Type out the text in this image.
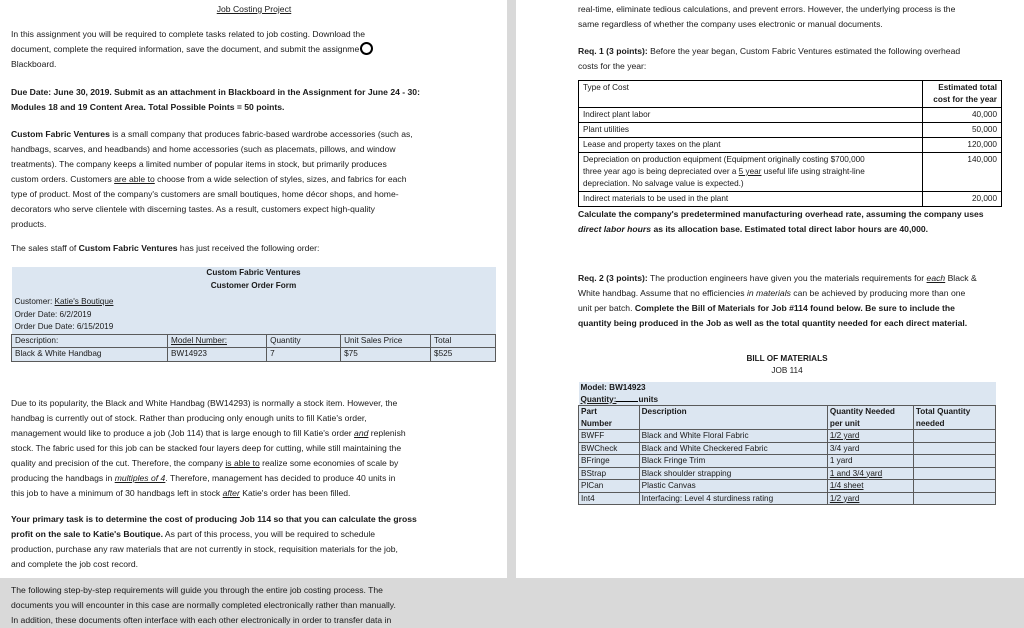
Job Costing Project

In this assignment you will be required to complete tasks related to job costing. Download the

document, complete the required information, save the document, and submit the assignme

Blackboard.

Due Date: June 30, 2019. Submit as an attachment in Blackboard in the Assignment for June 24 - 30:

Modules 18 and 19 Content Area. Total Possible Points = 50 points.

Custom Fabric Ventures is a small company that produces fabric-based wardrobe accessories (such as,

handbags, scarves, and headbands) and home accessories (such as placemats, pillows, and window

treatments). The company keeps a limited number of popular items in stock, but primarily produces

custom orders. Customers are able to choose from a wide selection of styles, sizes, and fabrics for each

type of product. Most of the company's customers are small boutiques, home décor shops, and home-

decorators who serve clientele with discerning tastes. As a result, customers expect high-quality

products.

The sales staff of Custom Fabric Ventures has just received the following order:

Custom Fabric Ventures				
Customer Order Form				

Customer: Katie's Boutique				
Order Date: 6/2/2019				
Order Due Date: 6/15/2019				
Description:	Model Number:	Quantity	Unit Sales Price	Total
Black & White Handbag	BW14923	7	$75	$525

Due to its popularity, the Black and White Handbag (BW14293) is normally a stock item. However, the

handbag is currently out of stock. Rather than producing only enough units to fill Katie's order,

management would like to produce a job (Job 114) that is large enough to fill Katie's order and replenish

stock. The fabric used for this job can be stacked four layers deep for cutting, while still maintaining the

quality and precision of the cut. Therefore, the company is able to realize some economies of scale by

producing the handbags in multiples of 4. Therefore, management has decided to produce 40 units in

this job to have a minimum of 30 handbags left in stock after Katie's order has been filled.

Your primary task is to determine the cost of producing Job 114 so that you can calculate the gross

profit on the sale to Katie's Boutique. As part of this process, you will be required to schedule

production, purchase any raw materials that are not currently in stock, requisition materials for the job,

and complete the job cost record.

The following step-by-step requirements will guide you through the entire job costing process. The

documents you will encounter in this case are normally completed electronically rather than manually.

In addition, these documents often interface with each other electronically in order to transfer data in

real-time, eliminate tedious calculations, and prevent errors. However, the underlying process is the

same regardless of whether the company uses electronic or manual documents.

Req. 1 (3 points): Before the year began, Custom Fabric Ventures estimated the following overhead

costs for the year:

Type of Cost	Estimated total
cost for the year
Indirect plant labor	40,000
Plant utilities	50,000
Lease and property taxes on the plant	120,000
Depreciation on production equipment (Equipment originally costing $700,000
three year ago is being depreciated over a 5 year useful life using straight-line
depreciation. No salvage value is expected.)	140,000
Indirect materials to be used in the plant	20,000

Calculate the company's predetermined manufacturing overhead rate, assuming the company uses

direct labor hours as its allocation base. Estimated total direct labor hours are 40,000.

Req. 2 (3 points): The production engineers have given you the materials requirements for each Black &

White handbag. Assume that no efficiencies in materials can be achieved by producing more than one

unit per batch. Complete the Bill of Materials for Job #114 found below. Be sure to include the

quantity being produced in the Job as well as the total quantity needed for each direct material.

BILL OF MATERIALS			
JOB 114			

Model: BW14923			
Quantity: units			
Part
Number	Description	Quantity Needed
per unit	Total Quantity
needed
BWFF	Black and White Floral Fabric	1/2 yard	
BWCheck	Black and White Checkered Fabric	3/4 yard	
BFringe	Black Fringe Trim	1 yard	
BStrap	Black shoulder strapping	1 and 3/4 yard	
PlCan	Plastic Canvas	1/4 sheet	
Int4	Interfacing: Level 4 sturdiness rating	1/2 yard	
